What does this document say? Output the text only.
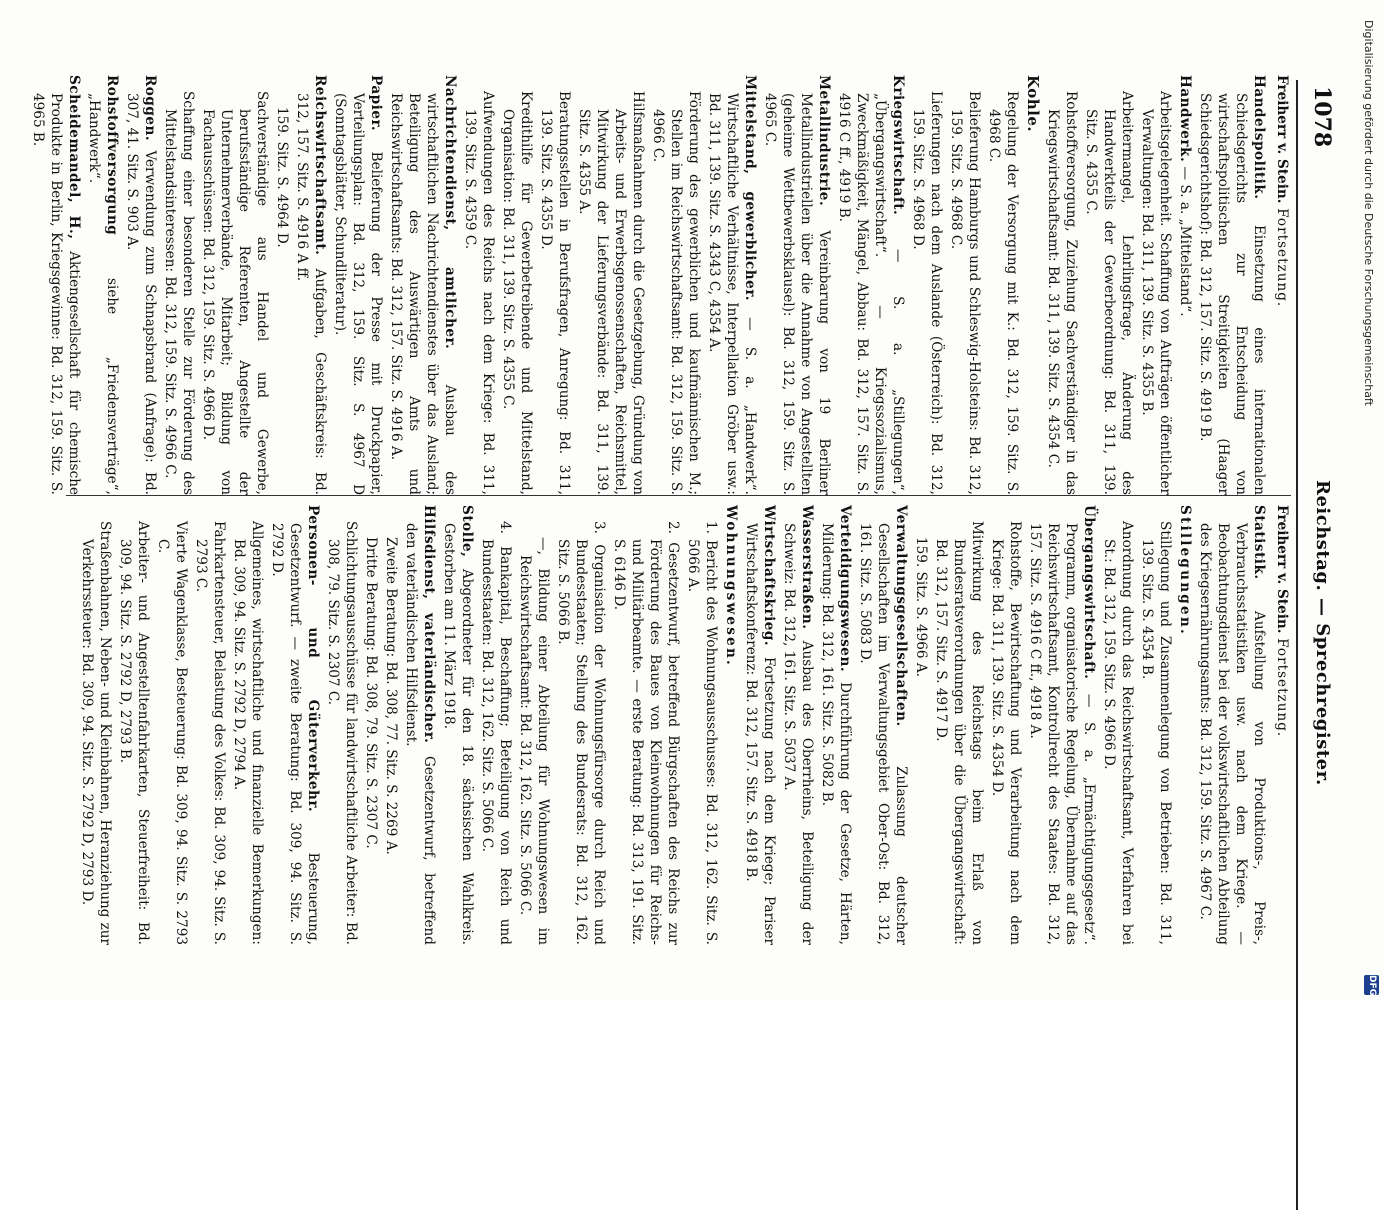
1078
Reichstag. — Sprechregister.
Freiherr v. Stein. Fortsetzung.
Handelspolitik. Einsetzung eines internationalen Schiedsgerichts zur Entscheidung von wirtschaftspolitischen Streitigkeiten (Haager Schiedsgerichtshof): Bd. 312, 157. Sitz. S. 4919 B.
Handwerk. — S. a. „Mittelstand“.
Arbeitsgelegenheit. Schaffung von Aufträgen öffentlicher Verwaltungen: Bd. 311, 139. Sitz. S. 4355 B.
Arbeitermangel, Lehrlingsfrage, Änderung des Handwerkteils der Gewerbeordnung: Bd. 311, 139. Sitz. S. 4355 C.
Rohstoffversorgung, Zuziehung Sachverständiger in das Kriegswirtschaftsamt: Bd. 311, 139. Sitz. S. 4354 C.
Kohle.
Regelung der Versorgung mit K.: Bd. 312, 159. Sitz. S. 4968 C.
Belieferung Hamburgs und Schleswig-Holsteins: Bd. 312, 159. Sitz. S. 4968 C.
Lieferungen nach dem Auslande (Österreich): Bd. 312, 159. Sitz. S. 4968 D.
Kriegswirtschaft. — S. a. „Stillegungen“, „Übergangswirtschaft“. — Kriegssozialismus, Zweckmäßigkeit, Mängel, Abbau: Bd. 312, 157. Sitz. S. 4916 C ff., 4919 B.
Metallindustrie. Vereinbarung von 19 Berliner Metallindustriellen über die Annahme von Angestellten (geheime Wettbewerbsklausel): Bd. 312, 159. Sitz. S. 4965 C.
Mittelstand, gewerblicher. — S. a. „Handwerk“. Wirtschaftliche Verhältnisse, Interpellation Gröber usw.: Bd. 311, 139. Sitz. S. 4343 C, 4354 A.
Förderung des gewerblichen und kaufmännischen M.; Stellen im Reichswirtschaftsamt: Bd. 312, 159. Sitz. S. 4966 C.
Hilfsmaßnahmen durch die Gesetzgebung, Gründung von Arbeits- und Erwerbsgenossenschaften, Reichsmittel, Mitwirkung der Lieferungsverbände: Bd. 311, 139. Sitz. S. 4355 A.
Beratungsstellen in Berufsfragen, Anregung: Bd. 311, 139. Sitz. S. 4355 D.
Kredithilfe für Gewerbetreibende und Mittelstand, Organisation: Bd. 311, 139. Sitz. S. 4355 C.
Aufwendungen des Reichs nach dem Kriege: Bd. 311, 139. Sitz. S. 4359 C.
Nachrichtendienst, amtlicher. Ausbau des wirtschaftlichen Nachrichtendienstes über das Ausland; Beteiligung des Auswärtigen Amts und Reichswirtschaftsamts: Bd. 312, 157. Sitz. S. 4916 A.
Papier. Belieferung der Presse mit Druckpapier, Verteilungsplan: Bd. 312, 159. Sitz. S. 4967 D (Sonntagsblätter, Schundliteratur).
Reichswirtschaftsamt. Aufgaben, Geschäftskreis: Bd. 312, 157. Sitz. S. 4916 A ff.
159. Sitz. S. 4964 D.
Sachverständige aus Handel und Gewerbe, berufsständige Referenten, Angestellte der Unternehmerverbände, Mitarbeit; Bildung von Fachausschüssen: Bd. 312, 159. Sitz. S. 4966 D.
Schaffung einer besonderen Stelle zur Förderung des Mittelstandsinteressen: Bd. 312, 159. Sitz. S. 4966 C.
Roggen. Verwendung zum Schnapsbrand (Anfrage): Bd. 307, 41. Sitz. S. 903 A.
Rohstoffversorgung siehe „Friedensverträge“, „Handwerk“.
Scheidemandel, H., Aktiengesellschaft für chemische Produkte in Berlin, Kriegsgewinne: Bd. 312, 159. Sitz. S. 4965 B.
Freiherr v. Stein. Fortsetzung.
Statistik. Aufstellung von Produktions-, Preis-, Verbrauchsstatistiken usw. nach dem Kriege. — Beobachtungsdienst bei der volkswirtschaftlichen Abteilung des Kriegsernährungsamts: Bd. 312, 159. Sitz. S. 4967 C.
Stillegungen.
Stillegung und Zusammenlegung von Betrieben: Bd. 311, 139. Sitz. S. 4354 B.
Anordnung durch das Reichswirtschaftsamt, Verfahren bei St.: Bd. 312, 159. Sitz. S. 4966 D.
Übergangswirtschaft. — S. a. „Ermächtigungsgesetz“. Programm, organisatorische Regelung, Übernahme auf das Reichswirtschaftsamt, Kontrollrecht des Staates: Bd. 312, 157. Sitz. S. 4916 C ff., 4918 A.
Rohstoffe, Bewirtschaftung und Verarbeitung nach dem Kriege: Bd. 311, 139. Sitz. S. 4354 D.
Mitwirkung des Reichstags beim Erlaß von Bundesratsverordnungen über die Übergangswirtschaft: Bd. 312, 157. Sitz. S. 4917 D.
159. Sitz. S. 4966 A.
Verwaltungsgesellschaften. Zulassung deutscher Gesellschaften im Verwaltungsgebiet Ober-Ost: Bd. 312, 161. Sitz. S. 5083 D.
Verteidigungswesen. Durchführung der Gesetze, Härten, Milderung: Bd. 312, 161. Sitz. S. 5082 B.
Wasserstraßen. Ausbau des Oberrheins, Beteiligung der Schweiz: Bd. 312, 161. Sitz. S. 5037 A.
Wirtschaftskrieg. Fortsetzung nach dem Kriege; Pariser Wirtschaftskonferenz: Bd. 312, 157. Sitz. S. 4918 B.
Wohnungswesen.
1. Bericht des Wohnungsausschusses: Bd. 312, 162. Sitz. S. 5066 A.
2. Gesetzentwurf, betreffend Bürgschaften des Reichs zur Förderung des Baues von Kleinwohnungen für Reichs- und Militärbeamte. — erste Beratung: Bd. 313, 191. Sitz. S. 6146 D.
3. Organisation der Wohnungsfürsorge durch Reich und Bundesstaaten; Stellung des Bundesrats: Bd. 312, 162. Sitz. S. 5066 B.
—, Bildung einer Abteilung für Wohnungswesen im Reichswirtschaftsamt: Bd. 312, 162. Sitz. S. 5066 C.
4. Bankapital, Beschaffung; Beteiligung von Reich und Bundesstaaten: Bd. 312, 162. Sitz. S. 5066 C.
Stolle, Abgeordneter für den 18. sächsischen Wahlkreis. Gestorben am 11. März 1918.
Hilfsdienst, vaterländischer. Gesetzentwurf, betreffend den vaterländischen Hilfsdienst.
Zweite Beratung: Bd. 308, 77. Sitz. S. 2269 A.
Dritte Beratung: Bd. 308, 79. Sitz. S. 2307 C.
Schlichtungsausschüsse für landwirtschaftliche Arbeiter: Bd. 308, 79. Sitz. S. 2307 C.
Personen- und Güterverkehr. Besteuerung, Gesetzentwurf. — zweite Beratung: Bd. 309, 94. Sitz. S. 2792 D.
Allgemeines, wirtschaftliche und finanzielle Bemerkungen: Bd. 309, 94. Sitz. S. 2792 D, 2794 A.
Fahrkartensteuer, Belastung des Volkes: Bd. 309, 94. Sitz. S. 2793 C.
Vierte Wagenklasse, Besteuerung: Bd. 309, 94. Sitz. S. 2793 C.
Arbeiter- und Angestelltenfahrkarten, Steuerfreiheit: Bd. 309, 94. Sitz. S. 2792 D, 2793 B.
Straßenbahnen, Neben- und Kleinbahnen, Heranziehung zur Verkehrssteuer: Bd. 309, 94. Sitz. S. 2792 D, 2793 D.
Digitalisierung gefördert durch die Deutsche Forschungsgemeinschaft
DFG
